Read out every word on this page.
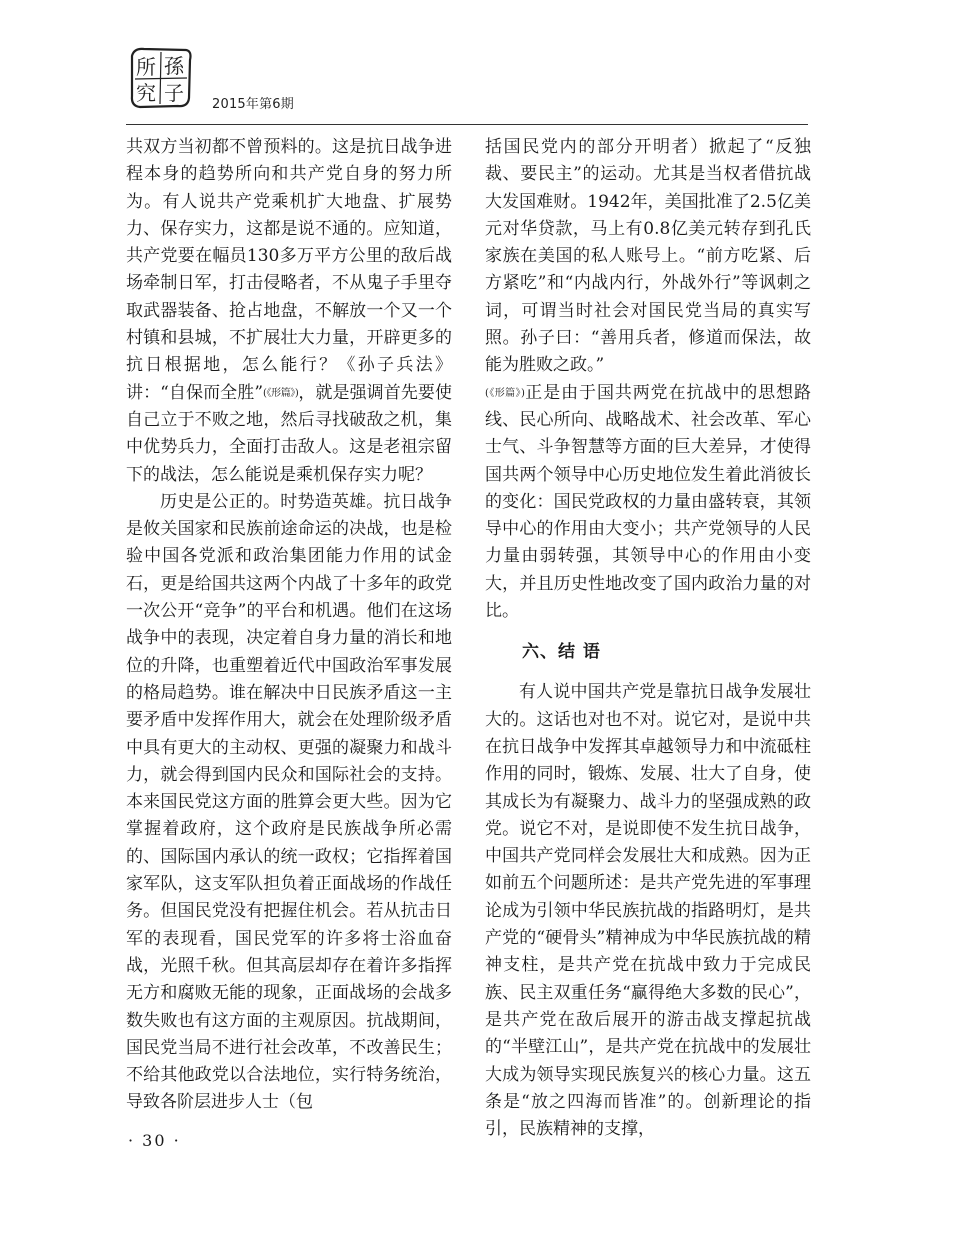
所 孫
究 子 2015年第6期

共双方当初都不曾预料的。这是抗日战争进程本身的趋势所向和共产党自身的努力所为。有人说共产党乘机扩大地盘、扩展势力、保存实力，这都是说不通的。应知道，共产党要在幅员130多万平方公里的敌后战场牵制日军，打击侵略者，不从鬼子手里夺取武器装备、抢占地盘，不解放一个又一个村镇和县城，不扩展壮大力量，开辟更多的抗日根据地，怎么能行？《孙子兵法》讲：“自保而全胜”(《形篇》)，就是强调首先要使自己立于不败之地，然后寻找破敌之机，集中优势兵力，全面打击敌人。这是老祖宗留下的战法，怎么能说是乘机保存实力呢？

历史是公正的。时势造英雄。抗日战争是攸关国家和民族前途命运的决战，也是检验中国各党派和政治集团能力作用的试金石，更是给国共这两个内战了十多年的政党一次公开“竞争”的平台和机遇。他们在这场战争中的表现，决定着自身力量的消长和地位的升降，也重塑着近代中国政治军事发展的格局趋势。谁在解决中日民族矛盾这一主要矛盾中发挥作用大，就会在处理阶级矛盾中具有更大的主动权、更强的凝聚力和战斗力，就会得到国内民众和国际社会的支持。本来国民党这方面的胜算会更大些。因为它掌握着政府，这个政府是民族战争所必需的、国际国内承认的统一政权；它指挥着国家军队，这支军队担负着正面战场的作战任务。但国民党没有把握住机会。若从抗击日军的表现看，国民党军的许多将士浴血奋战，光照千秋。但其高层却存在着许多指挥无方和腐败无能的现象，正面战场的会战多数失败也有这方面的主观原因。抗战期间，国民党当局不进行社会改革，不改善民生；不给其他政党以合法地位，实行特务统治，导致各阶层进步人士（包

括国民党内的部分开明者）掀起了“反独裁、要民主”的运动。尤其是当权者借抗战大发国难财。1942年，美国批准了2.5亿美元对华贷款，马上有0.8亿美元转存到孔氏家族在美国的私人账号上。“前方吃紧、后方紧吃”和“内战内行，外战外行”等讽刺之词，可谓当时社会对国民党当局的真实写照。孙子曰：“善用兵者，修道而保法，故能为胜败之政。”
(《形篇》)正是由于国共两党在抗战中的思想路线、民心所向、战略战术、社会改革、军心士气、斗争智慧等方面的巨大差异，才使得国共两个领导中心历史地位发生着此消彼长的变化：国民党政权的力量由盛转衰，其领导中心的作用由大变小；共产党领导的人民力量由弱转强，其领导中心的作用由小变大，并且历史性地改变了国内政治力量的对比。

六、结 语

有人说中国共产党是靠抗日战争发展壮大的。这话也对也不对。说它对，是说中共在抗日战争中发挥其卓越领导力和中流砥柱作用的同时，锻炼、发展、壮大了自身，使其成长为有凝聚力、战斗力的坚强成熟的政党。说它不对，是说即使不发生抗日战争，中国共产党同样会发展壮大和成熟。因为正如前五个问题所述：是共产党先进的军事理论成为引领中华民族抗战的指路明灯，是共产党的“硬骨头”精神成为中华民族抗战的精神支柱，是共产党在抗战中致力于完成民族、民主双重任务“赢得绝大多数的民心”，是共产党在敌后展开的游击战支撑起抗战的“半壁江山”，是共产党在抗战中的发展壮大成为领导实现民族复兴的核心力量。这五条是“放之四海而皆准”的。创新理论的指引，民族精神的支撑，

· 30 ·
